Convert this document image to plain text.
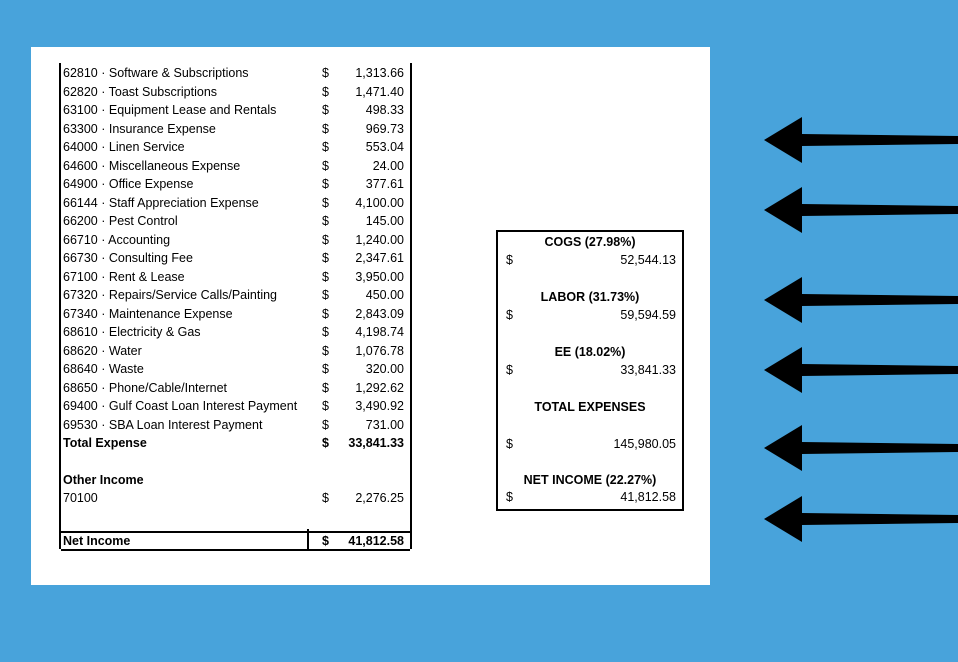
62810 · Software & Subscriptions	$ 1,313.66
62820 · Toast Subscriptions	$ 1,471.40
63100 · Equipment Lease and Rentals	$	498.33
63300 · Insurance Expense	$	969.73
64000 · Linen Service	$	553.04
64600 · Miscellaneous Expense	$	24.00
64900 · Office Expense	$	377.61
66144 · Staff Appreciation Expense	$ 4,100.00
66200 · Pest Control	$	145.00
66710 · Accounting	$ 1,240.00
66730 · Consulting Fee	$ 2,347.61
67100 · Rent & Lease	$ 3,950.00
67320 · Repairs/Service Calls/Painting	$	450.00
67340 · Maintenance Expense	$ 2,843.09
68610 · Electricity & Gas	$ 4,198.74
68620 · Water	$ 1,076.78
68640 · Waste	$	320.00
68650 · Phone/Cable/Internet	$ 1,292.62
69400 · Gulf Coast Loan Interest Payment $ 3,490.92
69530 · SBA Loan Interest Payment	$	731.00
Total Expense	$ 33,841.33
Other Income
70100	$ 2,276.25
Net Income	$ 41,812.58
COGS (27.98%)
$	52,544.13
LABOR (31.73%)
$	59,594.59
EE (18.02%)
$	33,841.33
TOTAL EXPENSES
$	145,980.05
NET INCOME (22.27%)
$	41,812.58
